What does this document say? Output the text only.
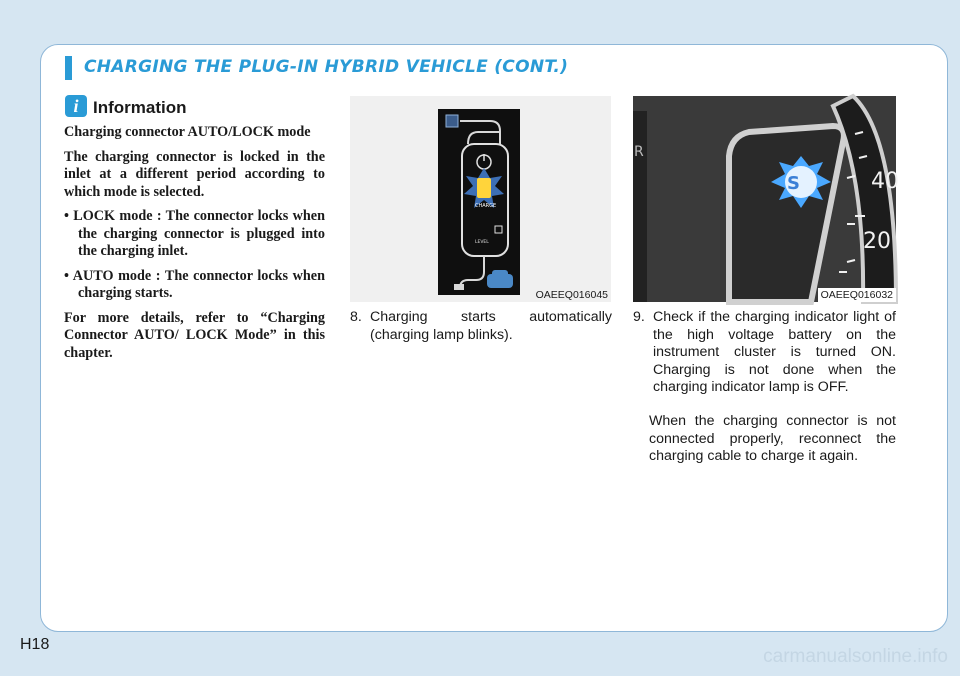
CHARGING THE PLUG-IN HYBRID VEHICLE (CONT.)
i Information

Charging connector AUTO/LOCK mode

The charging connector is locked in the inlet at a different period according to which mode is selected.

• LOCK mode : The connector locks when the charging connector is plugged into the charging inlet.

• AUTO mode : The connector locks when charging starts.

For more details, refer to “Charging Connector AUTO/ LOCK Mode” in this chapter.

CHARGE
LEVEL
OAEEQ016045
R
40
20
S
OAEEQ016032
8. Charging starts automatically (charging lamp blinks).
9. Check if the charging indicator light of the high voltage battery on the instrument cluster is turned ON. Charging is not done when the charging indicator lamp is OFF.
When the charging connector is not connected properly, reconnect the charging cable to charge it again.
H18
carmanualsonline.info
